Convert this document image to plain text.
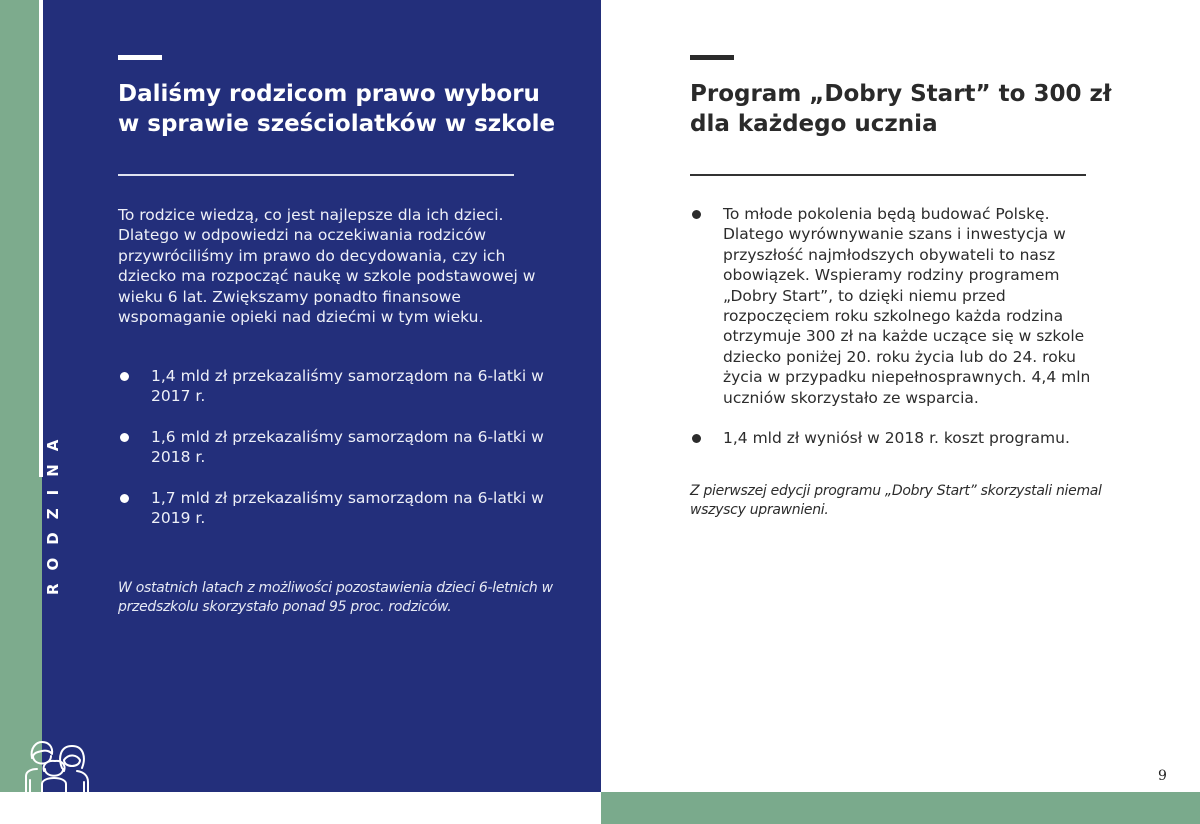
RODZINA
Daliśmy rodzicom prawo wyboru w sprawie sześciolatków w szkole

To rodzice wiedzą, co jest najlepsze dla ich dzieci. Dlatego w odpowiedzi na oczekiwania rodziców przywróciliśmy im prawo do decydowania, czy ich dziecko ma rozpocząć naukę w szkole podstawowej w wieku 6 lat. Zwiększamy ponadto finansowe wspomaganie opieki nad dziećmi w tym wieku.

1,4 mld zł przekazaliśmy samorządom na 6-latki w 2017 r.
1,6 mld zł przekazaliśmy samorządom na 6-latki w 2018 r.
1,7 mld zł przekazaliśmy samorządom na 6-latki w 2019 r.

W ostatnich latach z możliwości pozostawienia dzieci 6-letnich w przedszkolu skorzystało ponad 95 proc. rodziców.

Program „Dobry Start” to 300 zł dla każdego ucznia
To młode pokolenia będą budować Polskę. Dlatego wyrównywanie szans i inwestycja w przyszłość najmłodszych obywateli to nasz obowiązek. Wspieramy rodziny programem „Dobry Start”, to dzięki niemu przed rozpoczęciem roku szkolnego każda rodzina otrzymuje 300 zł na każde uczące się w szkole dziecko poniżej 20. roku życia lub do 24. roku życia w przypadku niepełnosprawnych. 4,4 mln uczniów skorzystało ze wsparcia.
1,4 mld zł wyniósł w 2018 r. koszt programu.

Z pierwszej edycji programu „Dobry Start” skorzystali niemal wszyscy uprawnieni.

9
